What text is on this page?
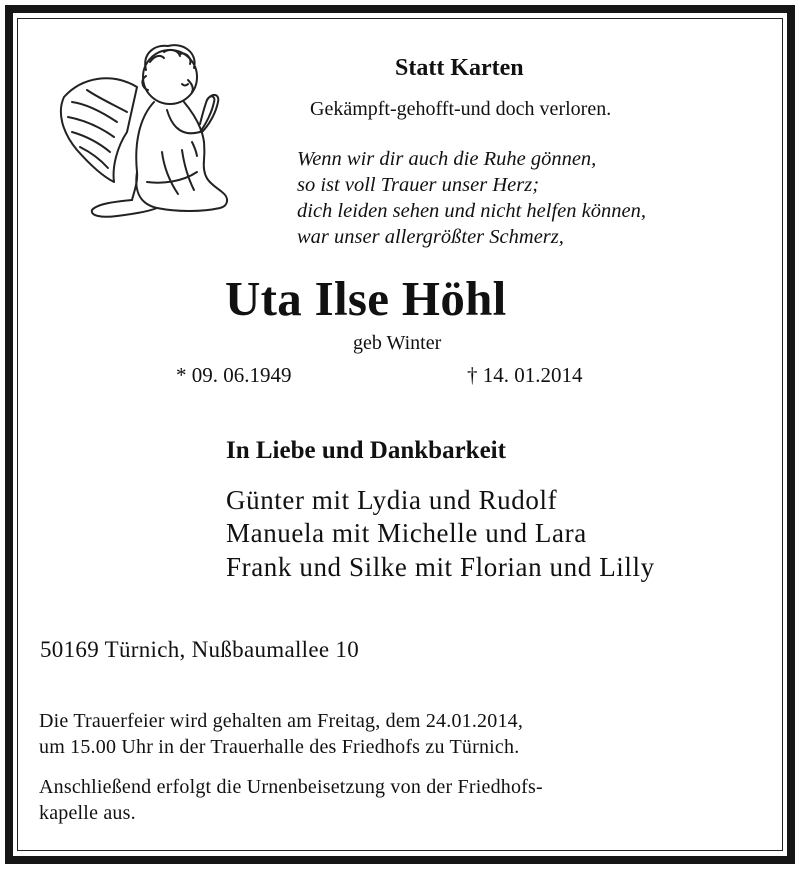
Statt Karten
Gekämpft-gehofft-und doch verloren.
Wenn wir dir auch die Ruhe gönnen,
so ist voll Trauer unser Herz;
dich leiden sehen und nicht helfen können,
war unser allergrößter Schmerz,
Uta Ilse Höhl
geb Winter
* 09. 06.1949	† 14. 01.2014
In Liebe und Dankbarkeit
Günter mit Lydia und Rudolf
Manuela mit Michelle und Lara
Frank und Silke mit Florian und Lilly
50169 Türnich, Nußbaumallee 10
Die Trauerfeier wird gehalten am Freitag, dem 24.01.2014,
um 15.00 Uhr in der Trauerhalle des Friedhofs zu Türnich.
Anschließend erfolgt die Urnenbeisetzung von der Friedhofs-
kapelle aus.
